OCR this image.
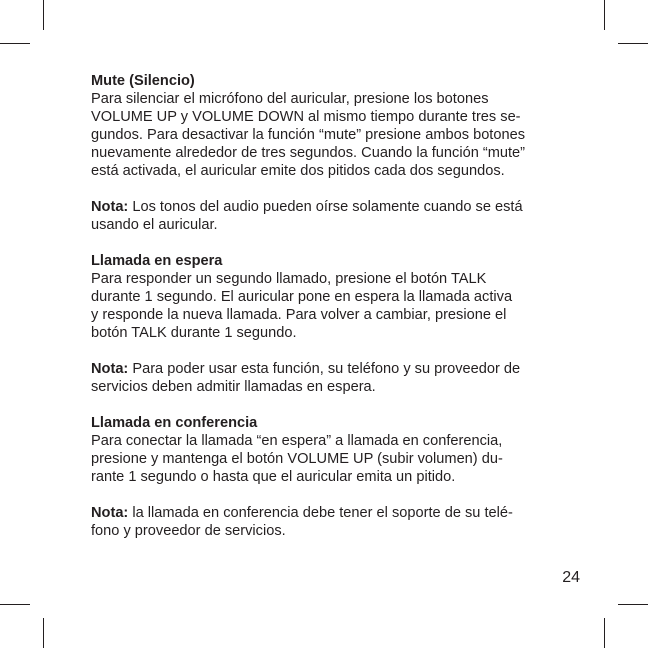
Mute (Silencio)
Para silenciar el micrófono del auricular, presione los botones
VOLUME UP y VOLUME DOWN al mismo tiempo durante tres se-
gundos. Para desactivar la función “mute” presione ambos botones
nuevamente alrededor de tres segundos. Cuando la función “mute”
está activada, el auricular emite dos pitidos cada dos segundos.
Nota: Los tonos del audio pueden oírse solamente cuando se está
usando el auricular.
Llamada en espera
Para responder un segundo llamado, presione el botón TALK
durante 1 segundo. El auricular pone en espera la llamada activa
y responde la nueva llamada. Para volver a cambiar, presione el
botón TALK durante 1 segundo.
Nota: Para poder usar esta función, su teléfono y su proveedor de
servicios deben admitir llamadas en espera.
Llamada en conferencia
Para conectar la llamada “en espera” a llamada en conferencia,
presione y mantenga el botón VOLUME UP (subir volumen) du-
rante 1 segundo o hasta que el auricular emita un pitido.
Nota: la llamada en conferencia debe tener el soporte de su telé-
fono y proveedor de servicios.
24
